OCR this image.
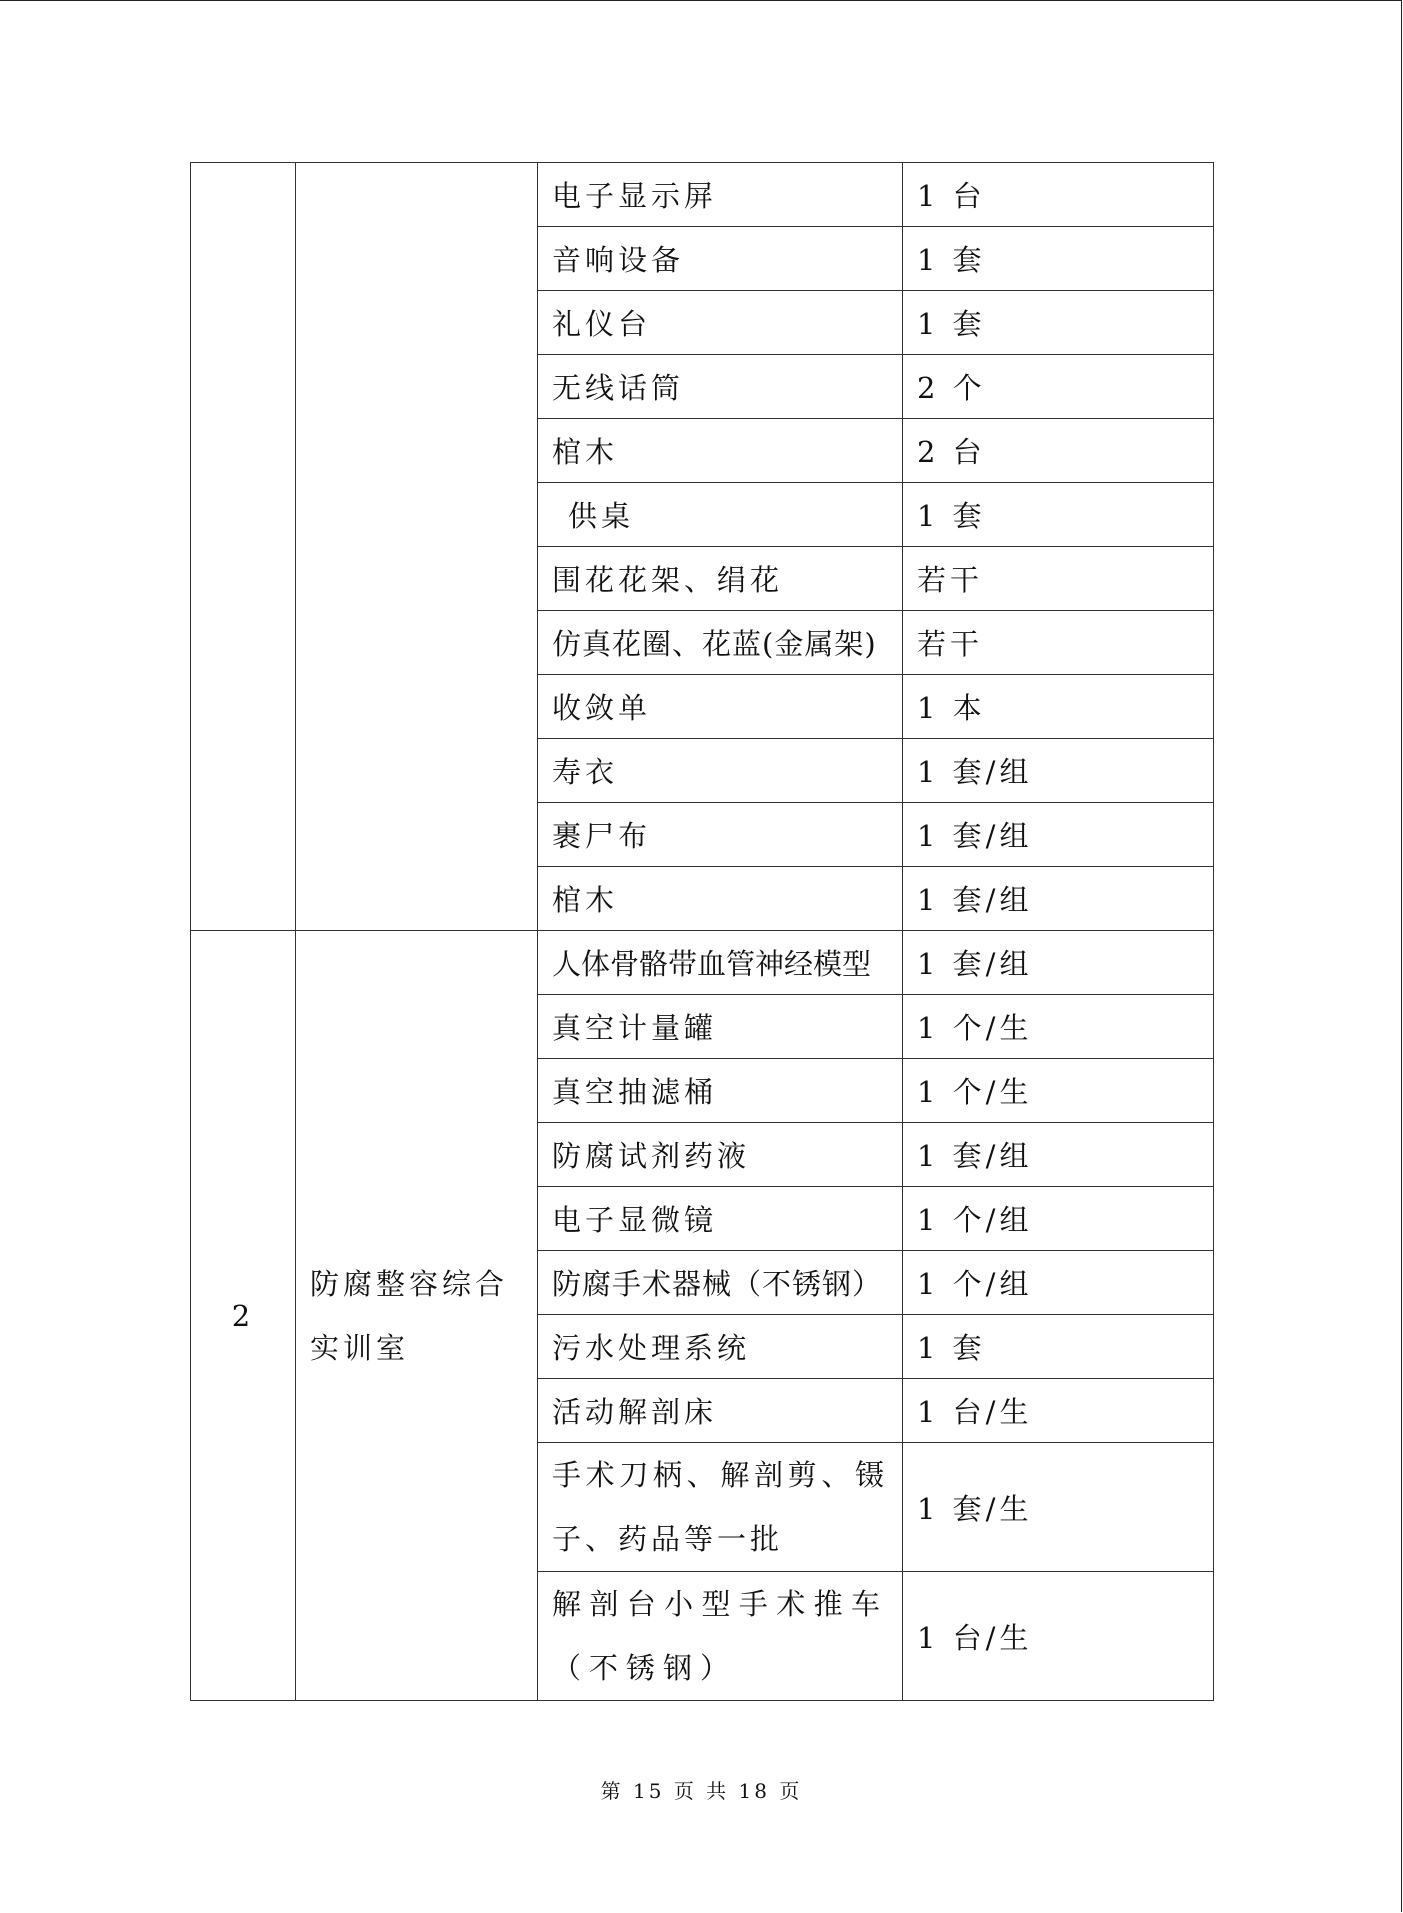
		电子显示屏	1 台
		音响设备	1 套
		礼仪台	1 套
		无线话筒	2 个
		棺木	2 台
		供桌	1 套
		围花花架、绢花	若干
		仿真花圈、花蓝(金属架)	若干
		收敛单	1 本
		寿衣	1 套/组
		裹尸布	1 套/组
		棺木	1 套/组
2	防腐整容综合实训室	人体骨骼带血管神经模型	1 套/组
		真空计量罐	1 个/生
		真空抽滤桶	1 个/生
		防腐试剂药液	1 套/组
		电子显微镜	1 个/组
		防腐手术器械（不锈钢）	1 个/组
		污水处理系统	1 套
		活动解剖床	1 台/生
		手术刀柄、解剖剪、镊子、药品等一批	1 套/生
		解剖台小型手术推车（不锈钢）	1 台/生
第 15 页 共 18 页
